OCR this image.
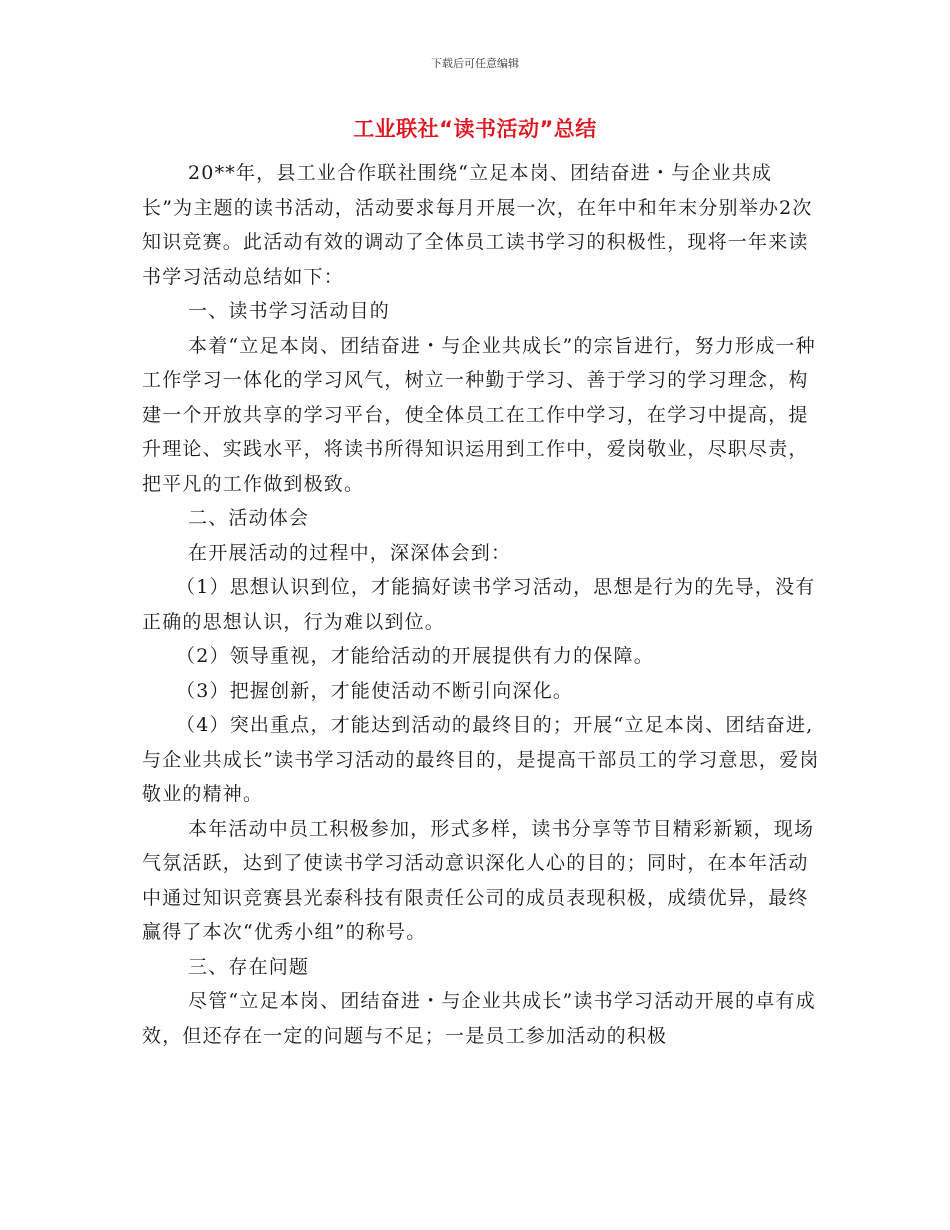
下载后可任意编辑
工业联社“读书活动”总结

20**年，县工业合作联社围绕“立足本岗、团结奋进・与企业共成长”为主题的读书活动，活动要求每月开展一次，在年中和年末分别举办2次知识竞赛。此活动有效的调动了全体员工读书学习的积极性，现将一年来读书学习活动总结如下：

一、读书学习活动目的

本着“立足本岗、团结奋进・与企业共成长”的宗旨进行，努力形成一种工作学习一体化的学习风气，树立一种勤于学习、善于学习的学习理念，构建一个开放共享的学习平台，使全体员工在工作中学习，在学习中提高，提升理论、实践水平，将读书所得知识运用到工作中，爱岗敬业，尽职尽责，把平凡的工作做到极致。

二、活动体会

在开展活动的过程中，深深体会到：

（1）思想认识到位，才能搞好读书学习活动，思想是行为的先导，没有正确的思想认识，行为难以到位。

（2）领导重视，才能给活动的开展提供有力的保障。

（3）把握创新，才能使活动不断引向深化。

（4）突出重点，才能达到活动的最终目的；开展“立足本岗、团结奋进,与企业共成长”读书学习活动的最终目的，是提高干部员工的学习意思，爱岗敬业的精神。

本年活动中员工积极参加，形式多样，读书分享等节目精彩新颖，现场气氛活跃，达到了使读书学习活动意识深化人心的目的；同时，在本年活动中通过知识竞赛县光泰科技有限责任公司的成员表现积极，成绩优异，最终赢得了本次“优秀小组”的称号。

三、存在问题

尽管“立足本岗、团结奋进・与企业共成长”读书学习活动开展的卓有成效，但还存在一定的问题与不足；一是员工参加活动的积极
